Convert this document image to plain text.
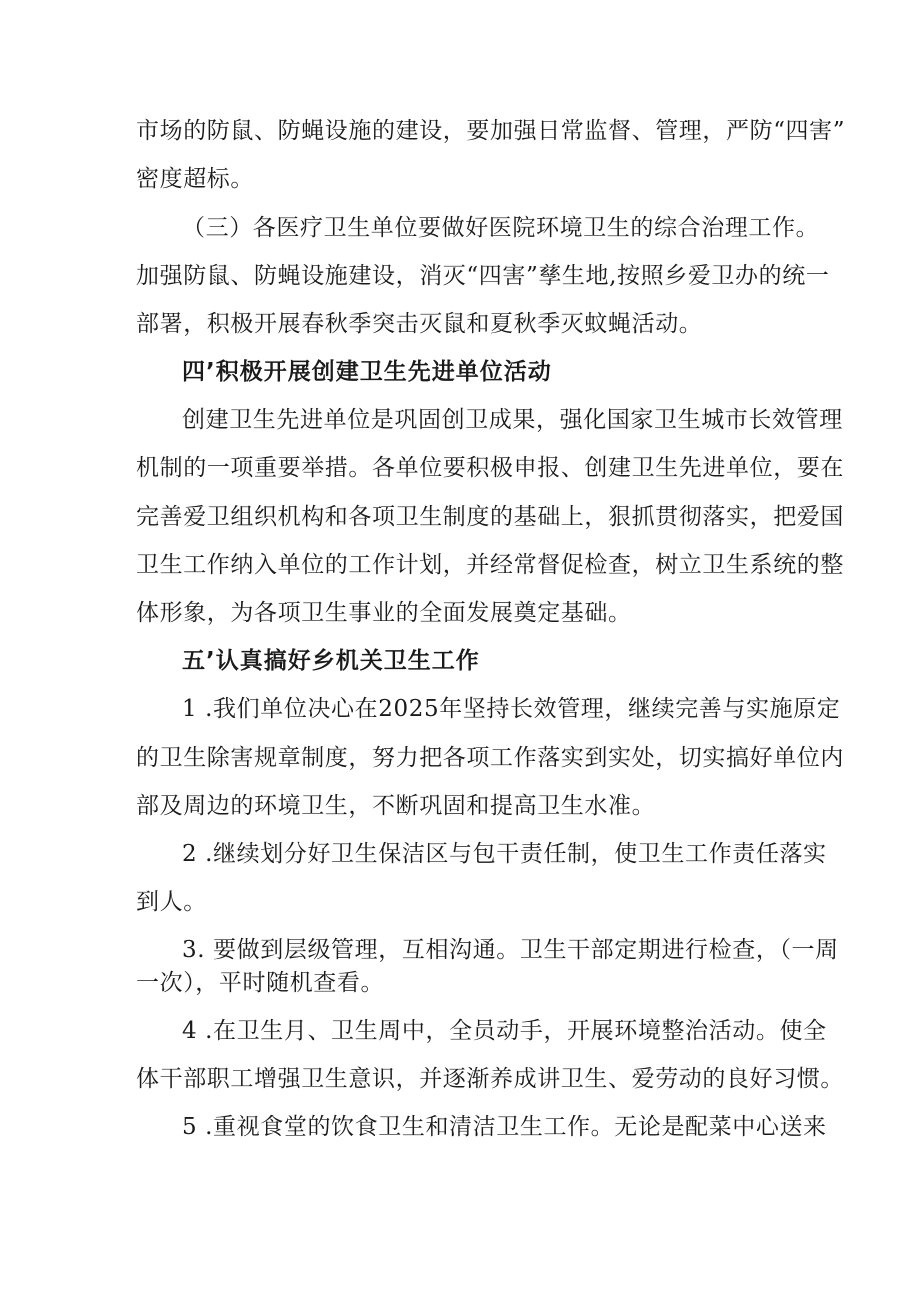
市场的防鼠、防蝇设施的建设，要加强日常监督、管理，严防“四害”
密度超标。
（三）各医疗卫生单位要做好医院环境卫生的综合治理工作。
加强防鼠、防蝇设施建设，消灭“四害”孳生地,按照乡爱卫办的统一
部署，积极开展春秋季突击灭鼠和夏秋季灭蚊蝇活动。
四’积极开展创建卫生先进单位活动
创建卫生先进单位是巩固创卫成果，强化国家卫生城市长效管理
机制的一项重要举措。各单位要积极申报、创建卫生先进单位，要在
完善爱卫组织机构和各项卫生制度的基础上，狠抓贯彻落实，把爱国
卫生工作纳入单位的工作计划，并经常督促检查，树立卫生系统的整
体形象，为各项卫生事业的全面发展奠定基础。
五’认真搞好乡机关卫生工作
1 .我们单位决心在2025年坚持长效管理，继续完善与实施原定
的卫生除害规章制度，努力把各项工作落实到实处，切实搞好单位内
部及周边的环境卫生，不断巩固和提高卫生水准。
2 .继续划分好卫生保洁区与包干责任制，使卫生工作责任落实
到人。
3. 要做到层级管理，互相沟通。卫生干部定期进行检查，（一周
一次），平时随机查看。
4 .在卫生月、卫生周中，全员动手，开展环境整治活动。使全
体干部职工增强卫生意识，并逐渐养成讲卫生、爱劳动的良好习惯。
5 .重视食堂的饮食卫生和清洁卫生工作。无论是配菜中心送来
